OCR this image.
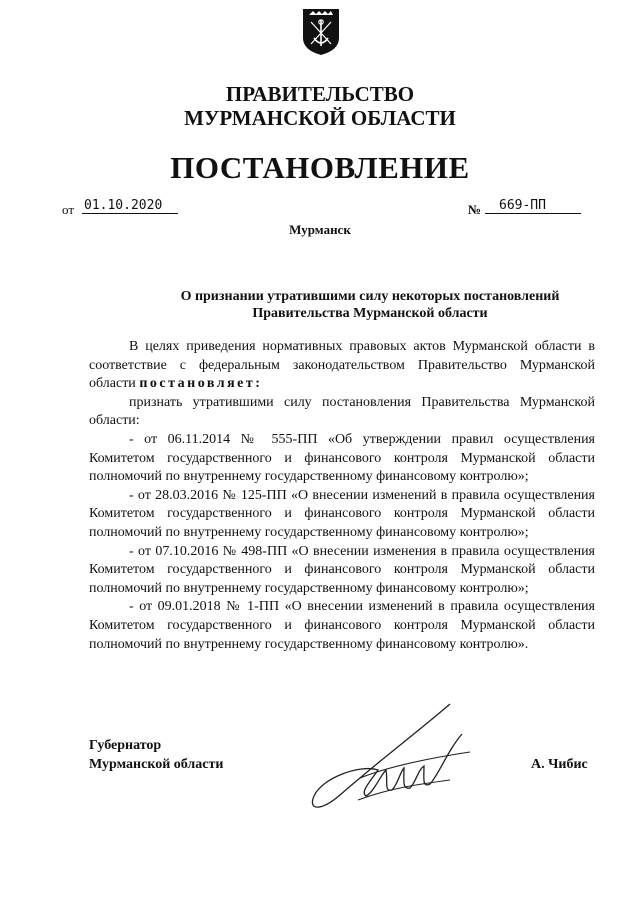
ПРАВИТЕЛЬСТВО
МУРМАНСКОЙ ОБЛАСТИ
ПОСТАНОВЛЕНИЕ
от 01.10.2020	№	669-ПП
Мурманск
О признании утратившими силу некоторых постановлений
Правительства Мурманской области

В целях приведения нормативных правовых актов Мурманской области в соответствие с федеральным законодательством Правительство Мурманской области постановляет:

признать утратившими силу постановления Правительства Мурманской области:

- от 06.11.2014 № 555-ПП «Об утверждении правил осуществления Комитетом государственного и финансового контроля Мурманской области полномочий по внутреннему государственному финансовому контролю»;

- от 28.03.2016 № 125-ПП «О внесении изменений в правила осуществления Комитетом государственного и финансового контроля Мурманской области полномочий по внутреннему государственному финансовому контролю»;

- от 07.10.2016 № 498-ПП «О внесении изменения в правила осуществления Комитетом государственного и финансового контроля Мурманской области полномочий по внутреннему государственному финансовому контролю»;

- от 09.01.2018 № 1-ПП «О внесении изменений в правила осуществления Комитетом государственного и финансового контроля Мурманской области полномочий по внутреннему государственному финансовому контролю».

Губернатор
Мурманской области	А. Чибис
